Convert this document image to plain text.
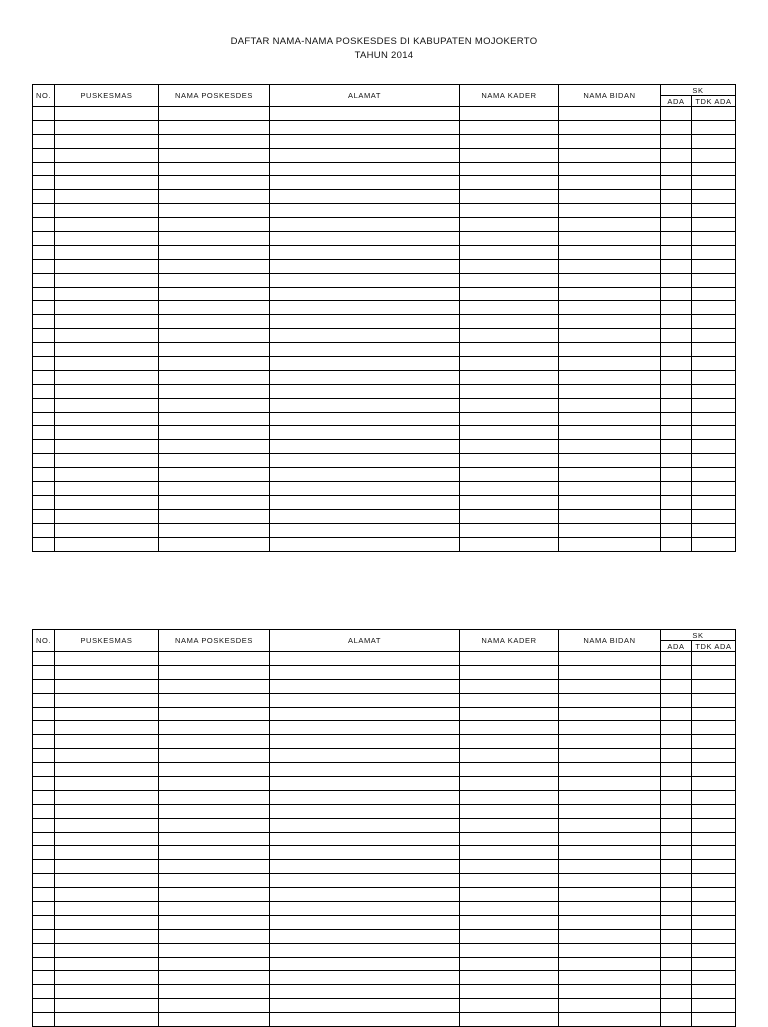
DAFTAR NAMA-NAMA POSKESDES DI KABUPATEN MOJOKERTO
TAHUN 2014
NO.	PUSKESMAS	NAMA POSKESDES	ALAMAT	NAMA KADER	NAMA BIDAN	SK	
						ADA	TDK ADA

NO.	PUSKESMAS	NAMA POSKESDES	ALAMAT	NAMA KADER	NAMA BIDAN	SK	
						ADA	TDK ADA
